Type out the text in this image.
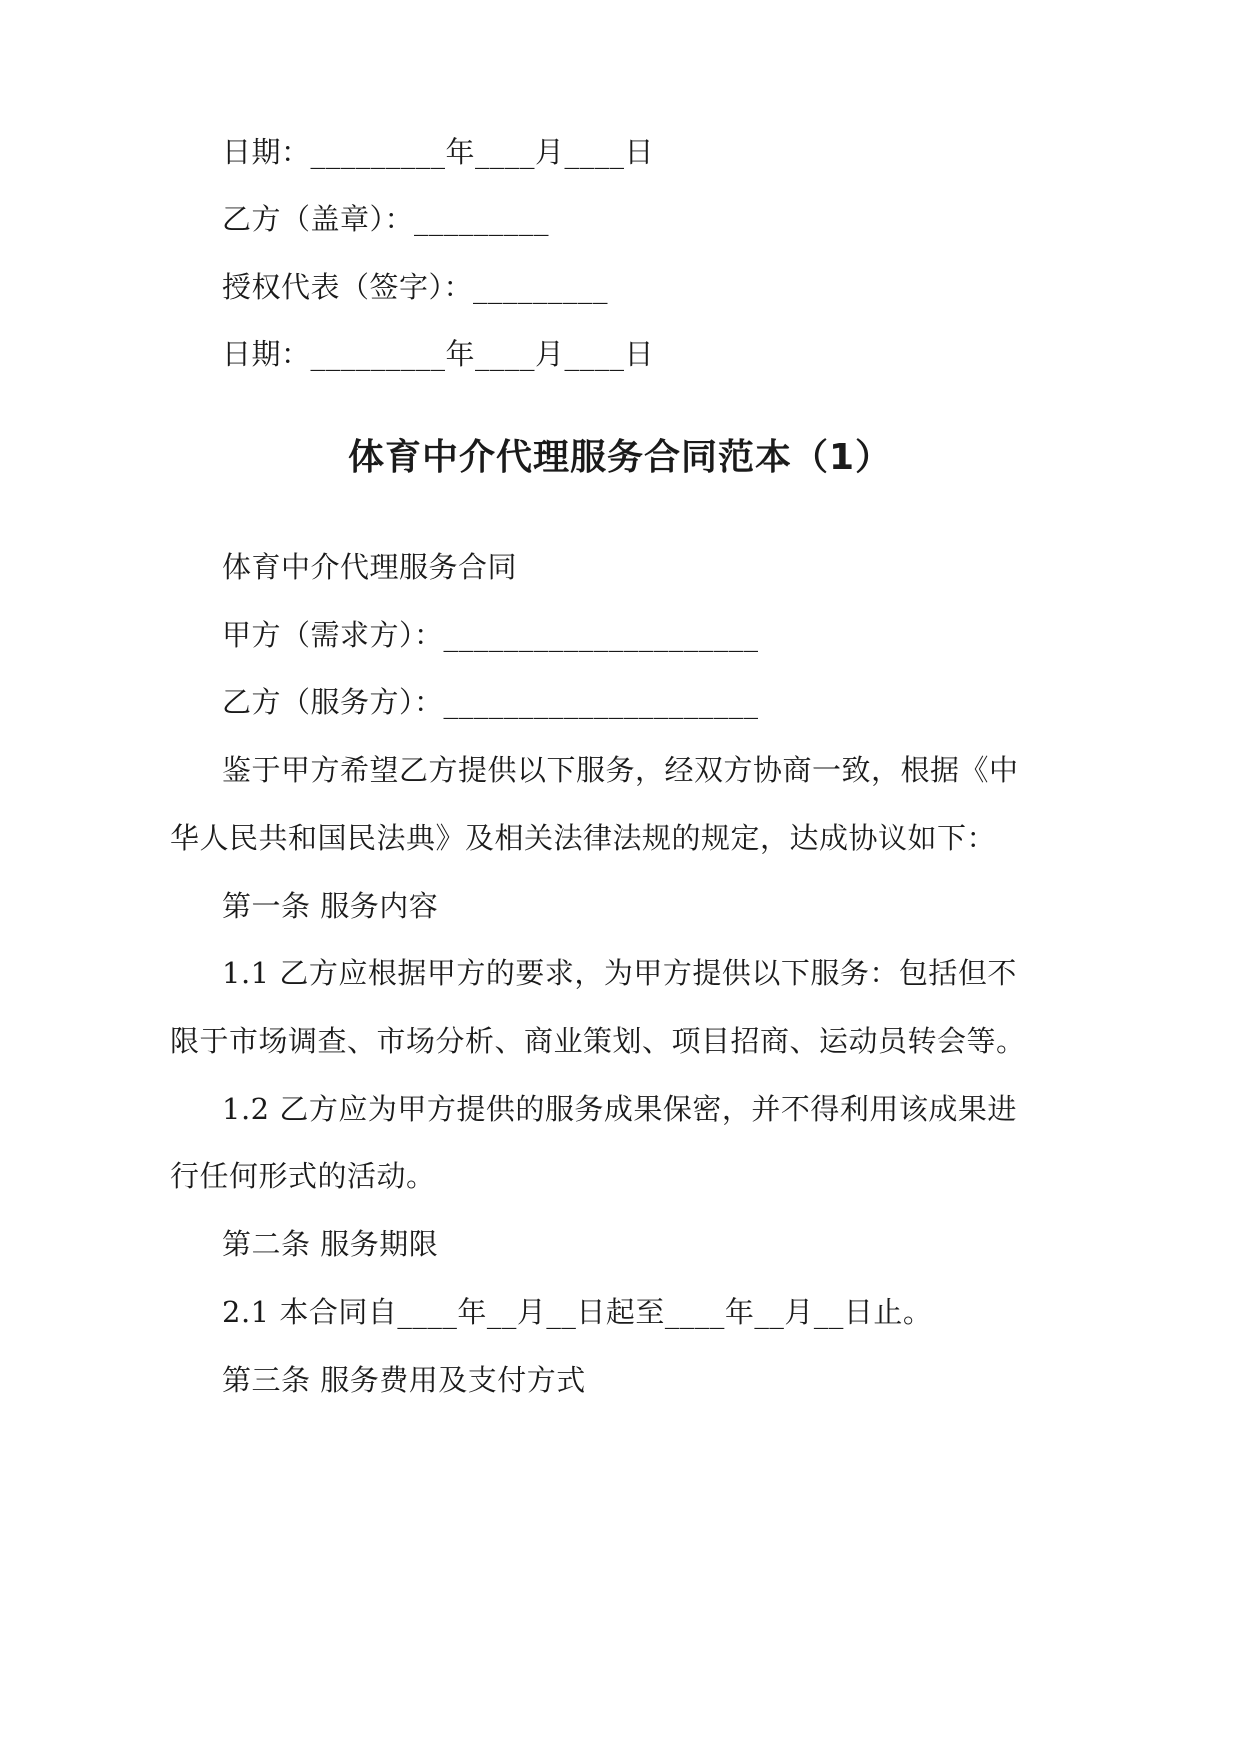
日期：_________年____月____日
乙方（盖章）：_________
授权代表（签字）：_________
日期：_________年____月____日
体育中介代理服务合同范本（1）
体育中介代理服务合同
甲方（需求方）：_____________________
乙方（服务方）：_____________________
鉴于甲方希望乙方提供以下服务，经双方协商一致，根据《中
华人民共和国民法典》及相关法律法规的规定，达成协议如下：
第一条 服务内容
1.1 乙方应根据甲方的要求，为甲方提供以下服务：包括但不
限于市场调查、市场分析、商业策划、项目招商、运动员转会等。
1.2 乙方应为甲方提供的服务成果保密，并不得利用该成果进
行任何形式的活动。
第二条 服务期限
2.1 本合同自____年__月__日起至____年__月__日止。
第三条 服务费用及支付方式
